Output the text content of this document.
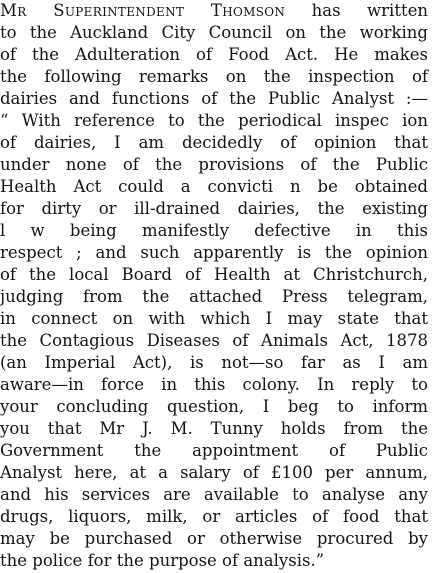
Mr Superintendent Thomson has written
to the Auckland City Council on the working
of the Adulteration of Food Act. He makes
the following remarks on the inspection of
dairies and functions of the Public Analyst :—
“ With reference to the periodical inspec ion
of dairies, I am decidedly of opinion that
under none of the provisions of the Public
Health Act could a convicti n be obtained
for dirty or ill-drained dairies, the existing
l w being manifestly defective in this
respect ; and such apparently is the opinion
of the local Board of Health at Christchurch,
judging from the attached Press telegram,
in connect on with which I may state that
the Contagious Diseases of Animals Act, 1878
(an Imperial Act), is not—so far as I am
aware—in force in this colony. In reply to
your concluding question, I beg to inform
you that Mr J. M. Tunny holds from the
Government the appointment of Public
Analyst here, at a salary of £100 per annum,
and his services are available to analyse any
drugs, liquors, milk, or articles of food that
may be purchased or otherwise procured by
the police for the purpose of analysis.”
